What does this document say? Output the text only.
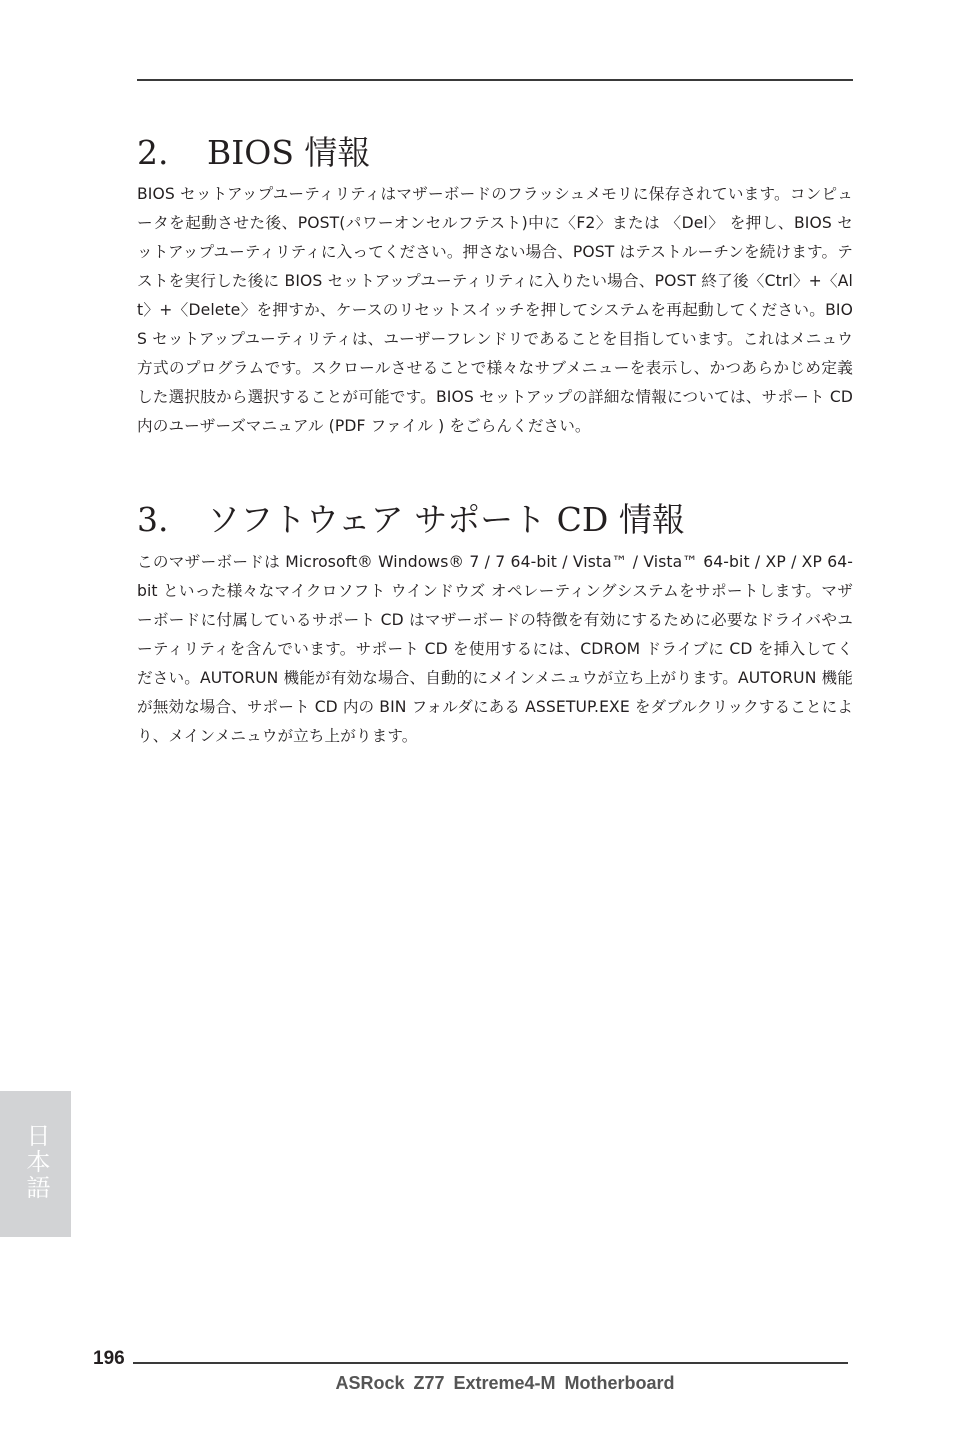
2. BIOS 情報

BIOS セットアップユーティリティはマザーボードのフラッシュメモリに保存されています。コンピュータを起動させた後、POST(パワーオンセルフテスト)中に〈F2〉または 〈Del〉 を押し、BIOS セットアップユーティリティに入ってください。押さない場合、POST はテストルーチンを続けます。テストを実行した後に BIOS セットアップユーティリティに入りたい場合、POST 終了後〈Ctrl〉+〈Alt〉+〈Delete〉を押すか、ケースのリセットスイッチを押してシステムを再起動してください。BIOS セットアップユーティリティは、ユーザーフレンドリであることを目指しています。これはメニュウ方式のプログラムです。スクロールさせることで様々なサブメニューを表示し、かつあらかじめ定義した選択肢から選択することが可能です。BIOS セットアップの詳細な情報については、サポート CD 内のユーザーズマニュアル (PDF ファイル ) をごらんください。

3. ソフトウェア サポート CD 情報

このマザーボードは Microsoft® Windows® 7 / 7 64-bit / Vista™ / Vista™ 64-bit / XP / XP 64-bit といった様々なマイクロソフト ウインドウズ オペレーティングシステムをサポートします。マザーボードに付属しているサポート CD はマザーボードの特徴を有効にするために必要なドライバやユーティリティを含んでいます。サポート CD を使用するには、CDROM ドライブに CD を挿入してください。AUTORUN 機能が有効な場合、自動的にメインメニュウが立ち上がります。AUTORUN 機能が無効な場合、サポート CD 内の BIN フォルダにある ASSETUP.EXE をダブルクリックすることにより、メインメニュウが立ち上がります。

日本語
196
ASRock Z77 Extreme4-M Motherboard
